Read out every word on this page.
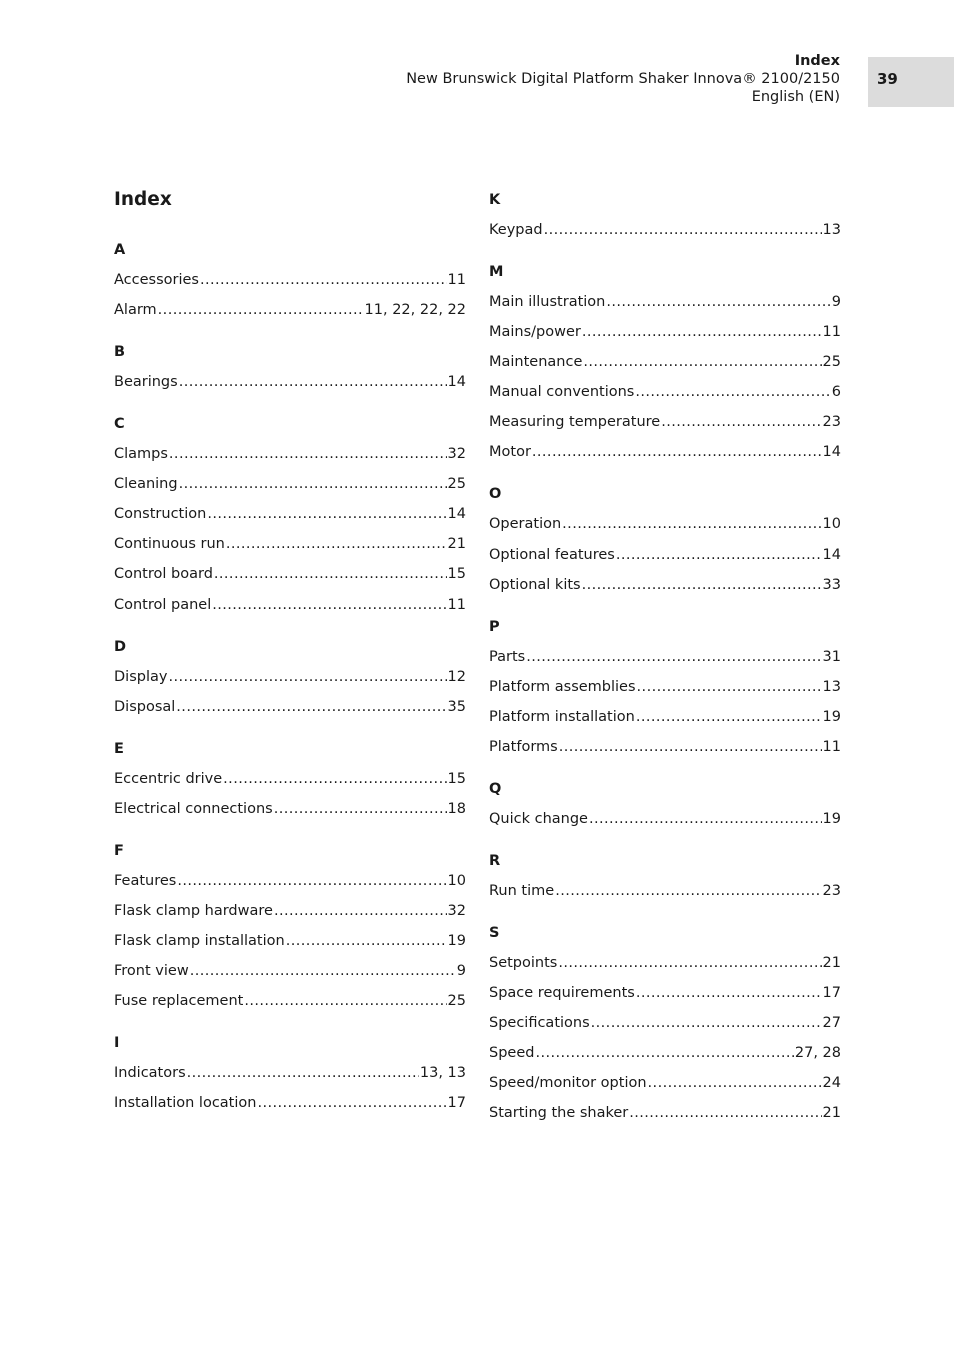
Index
New Brunswick Digital Platform Shaker Innova® 2100/2150
English (EN)
39
Index
A
Accessories .....	11
Alarm .....	11, 22, 22, 22
B
Bearings .....	14
C
Clamps .....	32
Cleaning .....	25
Construction .....	14
Continuous run .....	21
Control board .....	15
Control panel .....	11
D
Display .....	12
Disposal .....	35
E
Eccentric drive .....	15
Electrical connections .....	18
F
Features .....	10
Flask clamp hardware .....	32
Flask clamp installation .....	19
Front view .....	9
Fuse replacement .....	25
I
Indicators .....	13, 13
Installation location .....	17
K
Keypad .....	13
M
Main illustration .....	9
Mains/power .....	11
Maintenance .....	25
Manual conventions .....	6
Measuring temperature .....	23
Motor .....	14
O
Operation .....	10
Optional features .....	14
Optional kits .....	33
P
Parts .....	31
Platform assemblies .....	13
Platform installation .....	19
Platforms .....	11
Q
Quick change .....	19
R
Run time .....	23
S
Setpoints .....	21
Space requirements .....	17
Specifications .....	27
Speed .....	27, 28
Speed/monitor option .....	24
Starting the shaker .....	21
